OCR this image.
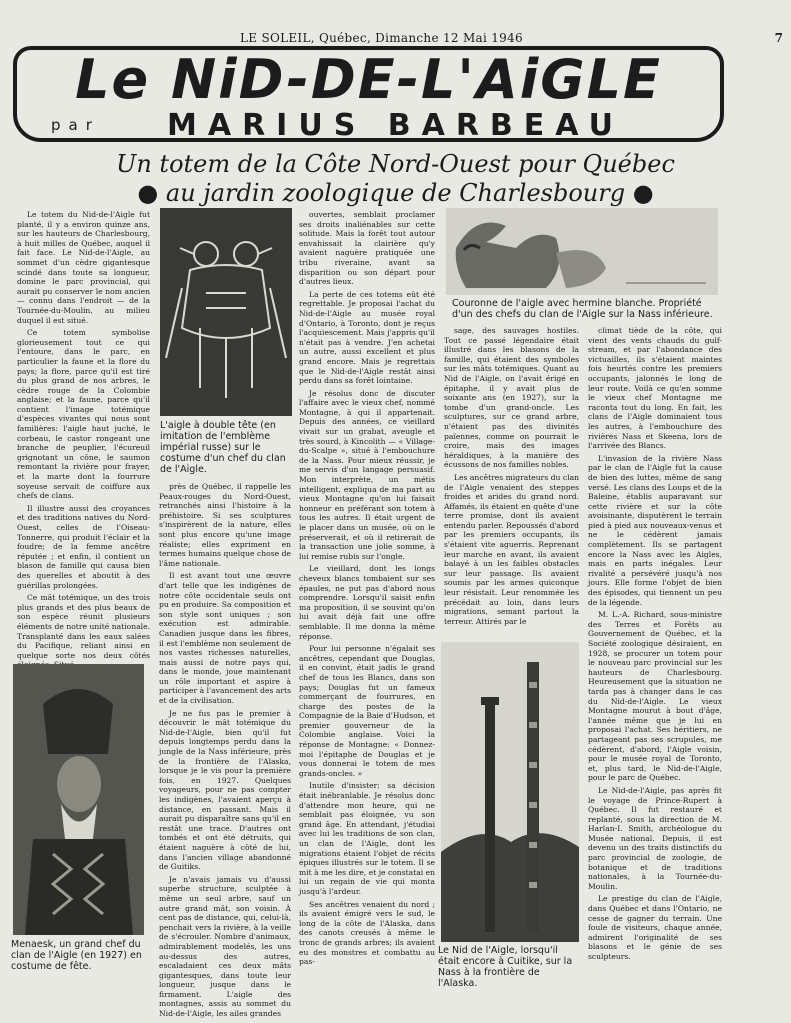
LE SOLEIL, Québec, Dimanche 12 Mai 1946	7
Le NiD-DE-L'AiGLE
par MARIUS BARBEAU
Un totem de la Côte Nord-Ouest pour Québec
● au jardin zoologique de Charlesbourg ●

Le totem du Nid-de-l'Aigle fut planté, il y a environ quinze ans, sur les hauteurs de Charlesbourg, à huit milles de Québec, auquel il fait face. Le Nid-de-l'Aigle, au sommet d'un cèdre gigantesque scindé dans toute sa longueur, domine le parc provincial, qui aurait pu conserver le nom ancien — connu dans l'endroit — de la Tournée-du-Moulin, au milieu duquel il est situé.

Ce totem symbolise glorieusement tout ce qui l'entoure, dans le parc, en particulier la faune et la flore du pays; la flore, parce qu'il est tiré du plus grand de nos arbres, le cèdre rouge de la Colombie anglaise; et la faune, parce qu'il contient l'image totémique d'espèces vivantes qui nous sont familières: l'aigle haut juché, le corbeau, le castor rongeant une branche de peuplier, l'écureuil grignotant un cône, le saumon remontant la rivière pour frayer, et la marte dont la fourrure soyeuse servait de coiffure aux chefs de clans.

Il illustre aussi des croyances et des traditions natives du Nord-Ouest, celles de l'Oiseau-Tonnerre, qui produit l'éclair et la foudre; de la femme ancêtre réputée ; et enfin, il contient un blason de famille qui causa bien des querelles et aboutit à des guérillas prolongées.

Ce mât totémique, un des trois plus grands et des plus beaux de son espèce réunit plusieurs éléments de notre unité nationale. Transplanté dans les eaux salées du Pacifique, reliant ainsi en quelque sorte nos deux côtés

Menaesk, un grand chef du clan de l'Aigle (en 1927) en costume de fête.
L'aigle à double tête (en imitation de l'emblème impérial russe) sur le costume d'un chef du clan de l'Aigle.

près de Québec, il rappelle les Peaux-rouges du Nord-Ouest, retranchés ainsi l'histoire à la préhistoire. Si ses sculptures s'inspirèrent de la nature, elles sont plus encore qu'une image réaliste; elles expriment en termes humains quelque chose de l'âme nationale.

Il est avant tout une œuvre d'art telle que les indigènes de notre côte occidentale seuls ont pu en produire. Sa composition et son style sont uniques ; son exécution est admirable. Canadien jusque dans les fibres, il est l'emblème non seulement de nos vastes richesses naturelles, mais aussi de notre pays qui, dans le monde, joue maintenant un rôle important et aspire à participer à l'avancement des arts et de la civilisation.

Je ne fus pas le premier à découvrir le mât totémique du Nid-de-l'Aigle, bien qu'il fut depuis longtemps perdu dans la jungle de la Nass inférieure, près de la frontière de l'Alaska, lorsque je le vis pour la première fois, en 1927. Quelques voyageurs, pour ne pas compter les indigènes, l'avaient aperçu à distance, en passant. Mais il aurait pu disparaître sans qu'il en restât une trace. D'autres ont tombés et ont été détruits, qui étaient naguère à côté de lui, dans l'ancien village abandonné de Guitiks.

Je n'avais jamais vu d'aussi superbe structure, sculptée à même un seul arbre, sauf un autre grand mât, son voisin. À cent pas de distance, qui, celui-là, penchait vers la rivière, à la veille de s'écrouler. Nombre d'animaux, admirablement modelés, les uns au-dessus des autres, escaladaient ces deux mâts gigantesques, dans toute leur longueur, jusque dans le firmament. L'aigle des montagnes, assis au sommet du Nid-de-l'Aigle, les ailes grandes

ouvertes, semblait proclamer ses droits inaliénables sur cette solitude. Mais la forêt tout autour envahissait la clairière qu'y avaient naguère pratiquée une tribu riveraine, avant sa disparition ou son départ pour d'autres lieux.

La perte de ces totems eût été regrettable. Je proposai l'achat du Nid-de-l'Aigle au musée royal d'Ontario, à Toronto, dont je reçus l'acquiescement. Mais j'appris qu'il n'était pas à vendre. J'en achetai un autre, aussi excellent et plus grand encore. Mais je regrettais que le Nid-de-l'Aigle restât ainsi perdu dans sa forêt lointaine.

Je résolus donc de discuter l'affaire avec le vieux chef, nommé Montagne, à qui il appartenait. Depuis des années, ce vieillard vivait sur un grabat, aveugle et très sourd, à Kincolith — « Village-du-Scalpe », situé à l'embouchure de la Nass. Pour mieux réussir, je me servis d'un langage persuasif. Mon interprète, un métis intelligent, expliqua de ma part au vieux Montagne qu'on lui faisait honneur en préférant son totem à tous les autres. Il était urgent de le placer dans un musée, où on le préserverait, et où il retirerait de la transaction une jolie somme, à lui remise rubis sur l'ongle.

Le vieillard, dont les longs cheveux blancs tombaient sur ses épaules, ne put pas d'abord nous comprendre. Lorsqu'il saisit enfin ma proposition, il se souvint qu'on lui avait déjà fait une offre semblable. Il me donna la même réponse.

Pour lui personne n'égalait ses ancêtres, cependant que Douglas, il en convint, était jadis le grand chef de tous les Blancs, dans son pays; Douglas fut un fameux commerçant de fourrures, en charge des postes de la Compagnie de la Baie d'Hudson, et premier gouverneur de la Colombie anglaise. Voici la réponse de Montagne: « Donnez-moi l'épitaphe de Douglas et je vous donnerai le totem de mes grands-oncles. »

Inutile d'insister; sa décision était inébranlable. Je résolus donc d'attendre mon heure, qui ne semblait pas éloignée, vu son grand âge. En attendant, j'étudiai avec lui les traditions de son clan, un clan de l'Aigle, dont les migrations étaient l'objet de récits épiques illustrés sur le totem. Il se mit à me les dire, et je constatai en lui un regain de vie qui monta jusqu'à l'ardeur.

Ses ancêtres venaient du nord ; ils avaient émigré vers le sud, le long de la côte de l'Alaska, dans des canots creusés à même le tronc de grands arbres; ils avaient eu des monstres et combattu au pas-

Couronne de l'aigle avec hermine blanche. Propriété d'un des chefs du clan de l'Aigle sur la Nass inférieure.

sage, des sauvages hostiles. Tout ce passé légendaire était illustré dans les blasons de la famille, qui étaient des symboles sur les mâts totémiques. Quant au Nid de l'Aigle, on l'avait érigé en épitaphe, il y avait plus de soixante ans (en 1927), sur la tombe d'un grand-oncle. Les sculptures, sur ce grand arbre, n'étaient pas des divinités païennes, comme on pourrait le croire, mais des images héraldiques, à la manière des écussons de nos familles nobles.

Les ancêtres migrateurs du clan de l'Aigle venaient des steppes froides et arides du grand nord. Affamés, ils étaient en quête d'une terre promise, dont ils avaient entendu parler. Repoussés d'abord par les premiers occupants, ils s'étaient vite aguerris. Reprenant leur marche en avant, ils avaient balayé à un les faibles obstacles sur leur passage. Ils avaient soumis par les armes quiconque leur résistait. Leur renommée les précédait au loin, dans leurs migrations, semant partout la terreur. Attirés par le

climat tiède de la côte, qui vient des vents chauds du gulf-stream, et par l'abondance des victuailles, ils s'étaient maintes fois heurtés contre les premiers occupants, jalonnés le long de leur route. Voilà ce qu'en somme le vieux chef Montagne me raconta tout du long. En fait, les clans de l'Aigle dominaient tous les autres, à l'embouchure des rivières Nass et Skeena, lors de l'arrivée des Blancs.

L'invasion de la rivière Nass par le clan de l'Aigle fut la cause de bien des luttes, même de sang versé. Les clans des Loups et de la Baleine, établis auparavant sur cette rivière et sur la côte avoisinante, disputèrent le terrain pied à pied aux nouveaux-venus et ne le cédèrent jamais complètement. Ils se partagent encore la Nass avec les Aigles, mais en parts inégales. Leur rivalité a persévéré jusqu'à nos jours. Elle forme l'objet de bien des épisodes, qui tiennent un peu de la légende.

M. L.-A. Richard, sous-ministre des Terres et Forêts au Gouvernement de Québec, et la Société zoologique désiraient, en 1928, se procurer un totem pour le nouveau parc provincial sur les hauteurs de Charlesbourg. Heureusement que la situation ne tarda pas à changer dans le cas du Nid-de-l'Aigle. Le vieux Montagne mourut à bout d'âge, l'année même que je lui en proposai l'achat. Ses héritiers, ne partageant pas ses scrupules, me cédèrent, d'abord, l'Aigle voisin, pour le musée royal de Toronto, et, plus tard, le Nid-de-l'Aigle, pour le parc de Québec.

Le Nid-de-l'Aigle, pas après fit le voyage de Prince-Rupert à Québec. Il fut restauré et replanté, sous la direction de M. Harlan-I. Smith, archéologue du Musée national. Depuis, il est devenu un des traits distinctifs du parc provincial de zoologie, de botanique et de traditions nationales, à la Tournée-du-Moulin.

Le prestige du clan de l'Aigle, dans Québec et dans l'Ontario, ne cesse de gagner du terrain. Une foule de visiteurs, chaque année, admirent l'originalité de ses blasons et le génie de ses sculpteurs.

Le Nid de l'Aigle, lorsqu'il était encore à Cuitike, sur la Nass à la frontière de l'Alaska.
